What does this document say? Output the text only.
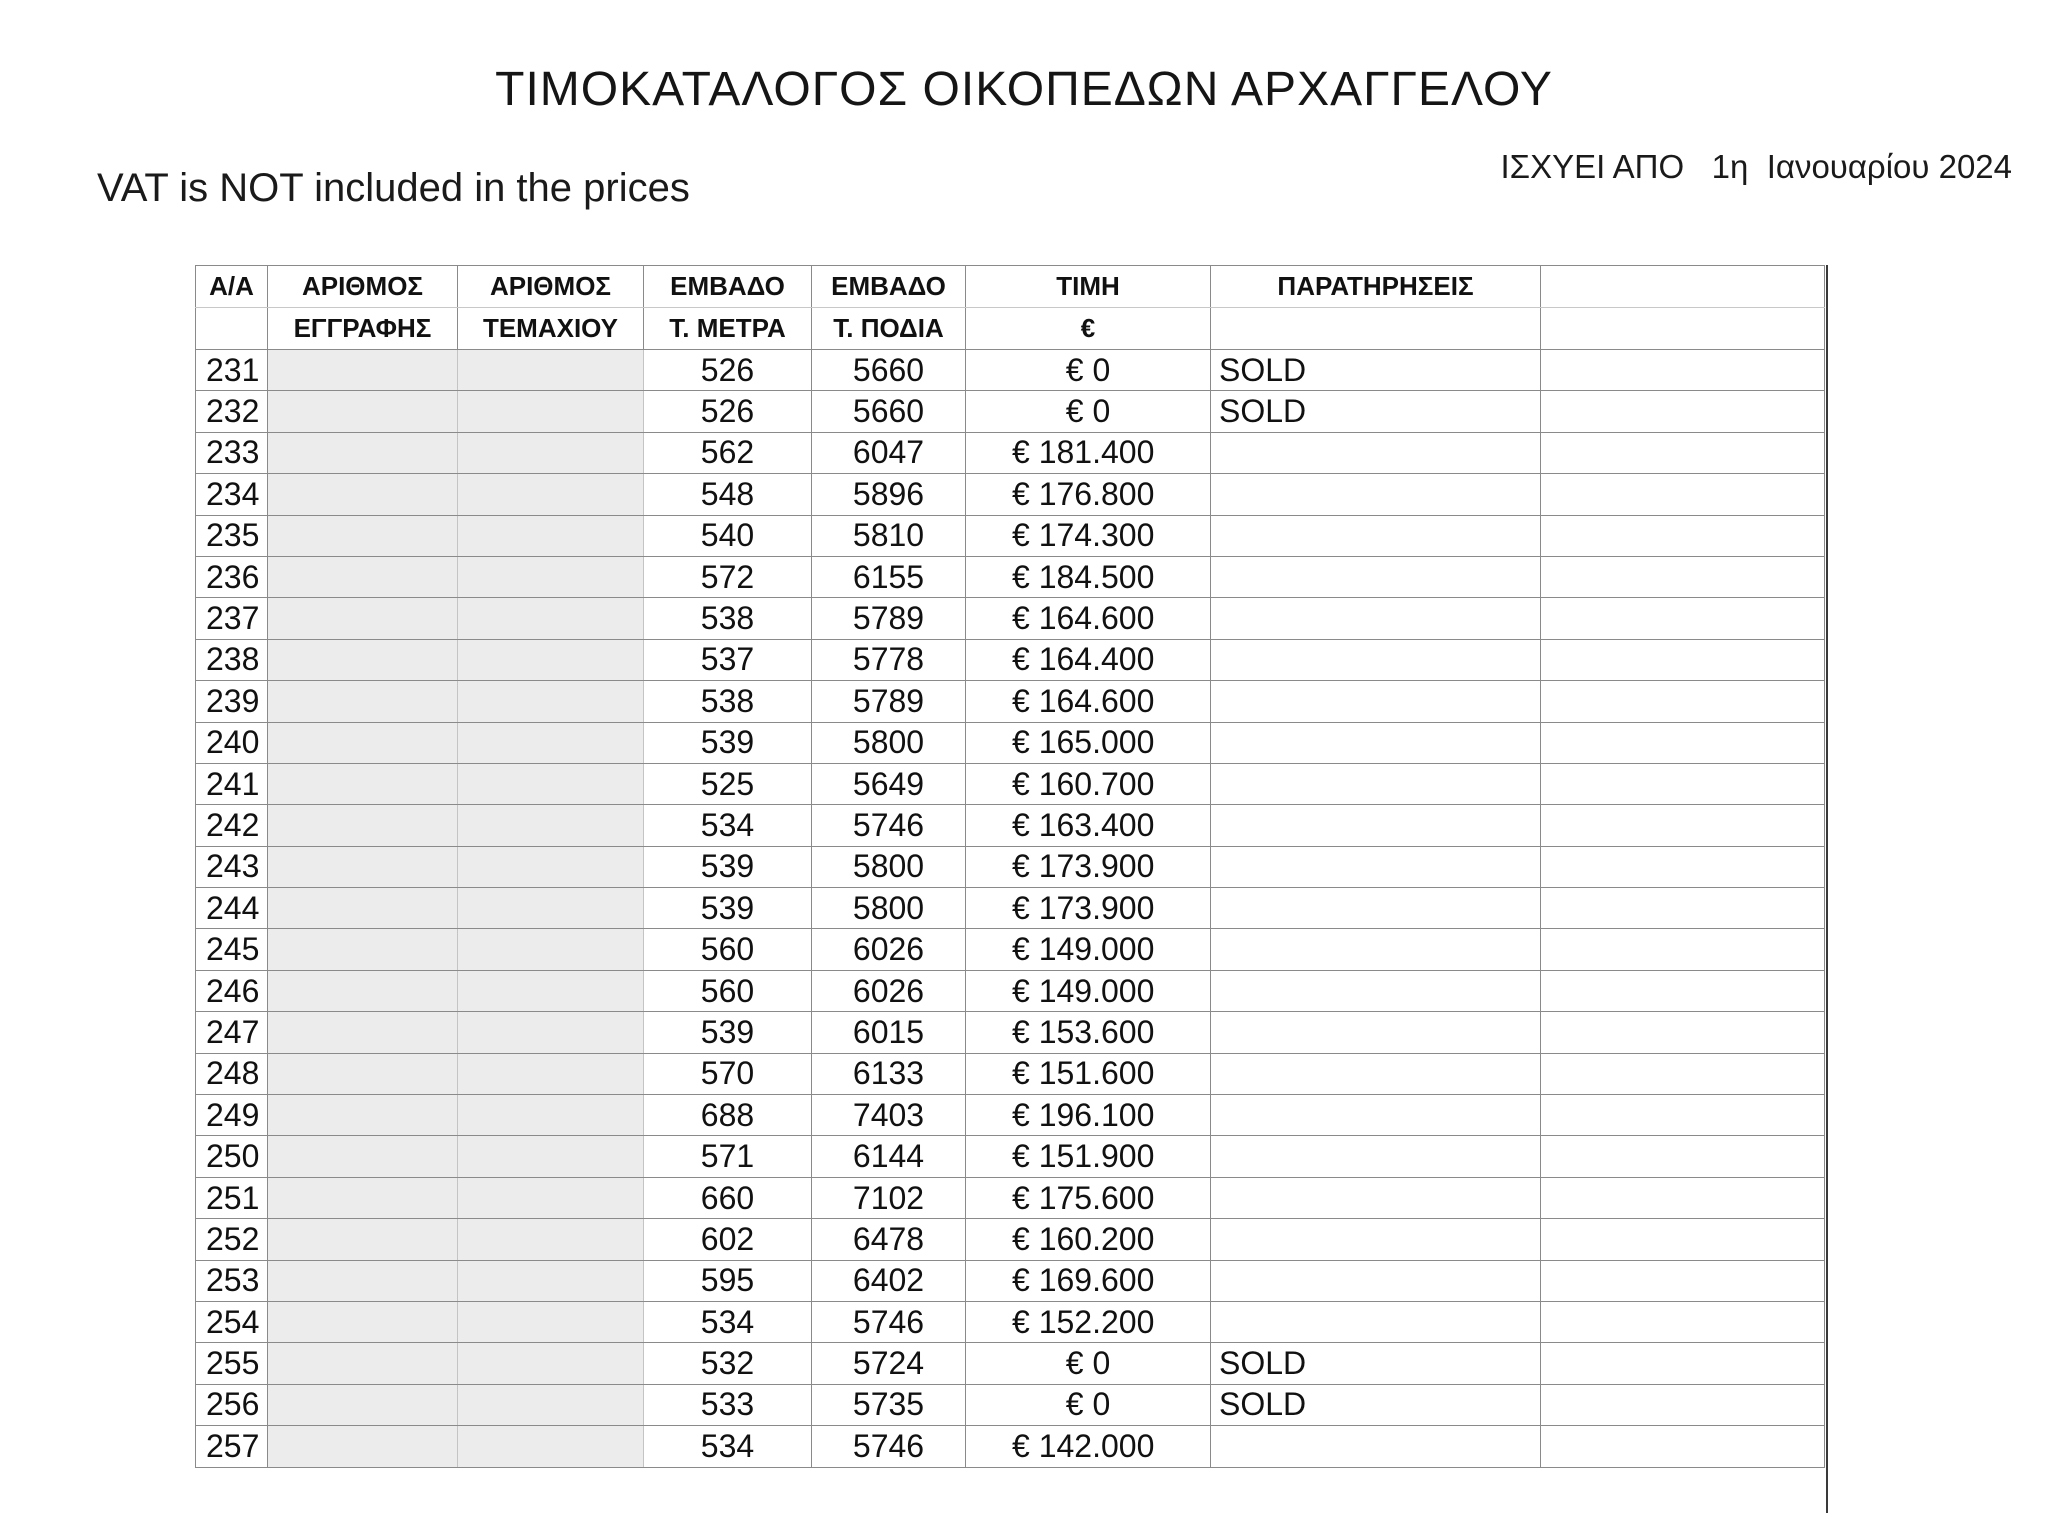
ΤΙΜΟΚΑΤΑΛΟΓΟΣ ΟΙΚΟΠΕΔΩΝ ΑΡΧΑΓΓΕΛΟΥ
VAT is NOT included in the prices	ΙΣΧΥΕΙ ΑΠΟ   1η  Ιανουαρίου 2024
Α/Α	ΑΡΙΘΜΟΣ	ΑΡΙΘΜΟΣ	ΕΜΒΑΔΟ	ΕΜΒΑΔΟ	ΤΙΜΗ	ΠΑΡΑΤΗΡΗΣΕΙΣ	
	ΕΓΓΡΑΦΗΣ	ΤΕΜΑΧΙΟΥ	Τ. ΜΕΤΡΑ	Τ. ΠΟΔΙΑ	€		
231			526	5660	€ 0	SOLD	
232			526	5660	€ 0	SOLD	
233			562	6047	€ 181.400		
234			548	5896	€ 176.800		
235			540	5810	€ 174.300		
236			572	6155	€ 184.500		
237			538	5789	€ 164.600		
238			537	5778	€ 164.400		
239			538	5789	€ 164.600		
240			539	5800	€ 165.000		
241			525	5649	€ 160.700		
242			534	5746	€ 163.400		
243			539	5800	€ 173.900		
244			539	5800	€ 173.900		
245			560	6026	€ 149.000		
246			560	6026	€ 149.000		
247			539	6015	€ 153.600		
248			570	6133	€ 151.600		
249			688	7403	€ 196.100		
250			571	6144	€ 151.900		
251			660	7102	€ 175.600		
252			602	6478	€ 160.200		
253			595	6402	€ 169.600		
254			534	5746	€ 152.200		
255			532	5724	€ 0	SOLD	
256			533	5735	€ 0	SOLD	
257			534	5746	€ 142.000		
